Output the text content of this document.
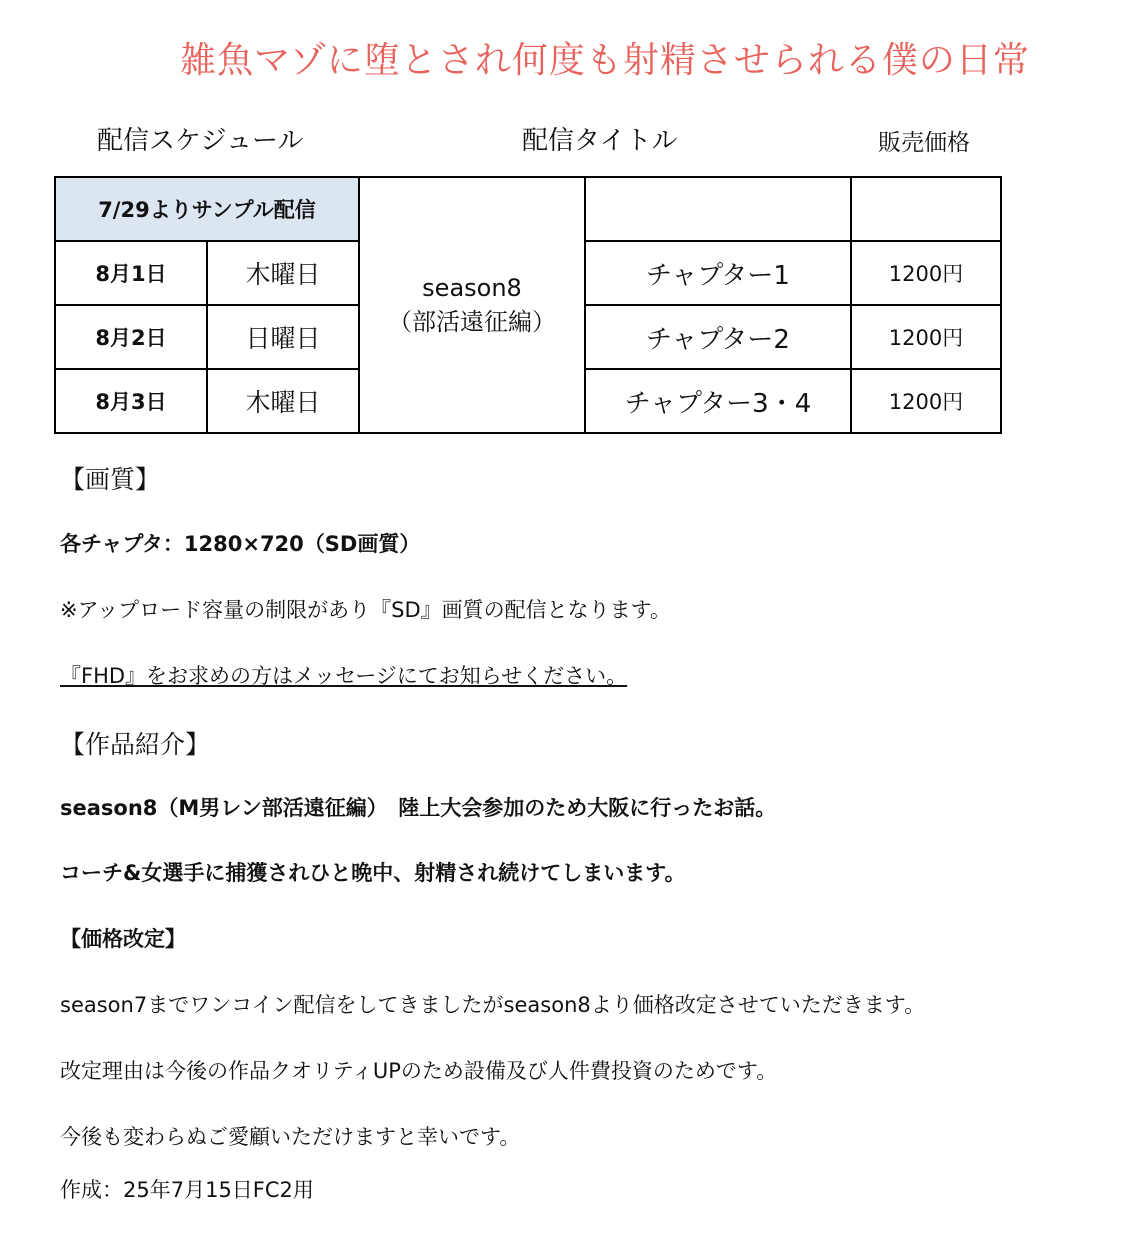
雑魚マゾに堕とされ何度も射精させられる僕の日常
配信スケジュール	配信タイトル	販売価格
7/29よりサンプル配信		season8
（部活遠征編）		

8月1日	木曜日		チャプター1	1200円
8月2日	日曜日		チャプター2	1200円
8月3日	木曜日		チャプター3・4	1200円
【画質】
各チャプタ：1280×720（SD画質）
※アップロード容量の制限があり『SD』画質の配信となります。
『FHD』をお求めの方はメッセージにてお知らせください。
【作品紹介】
season8（M男レン部活遠征編）　陸上大会参加のため大阪に行ったお話。
コーチ&女選手に捕獲されひと晩中、射精され続けてしまいます。
【価格改定】
season7までワンコイン配信をしてきましたがseason8より価格改定させていただきます。
改定理由は今後の作品クオリティUPのため設備及び人件費投資のためです。
今後も変わらぬご愛顧いただけますと幸いです。
作成：25年7月15日FC2用
